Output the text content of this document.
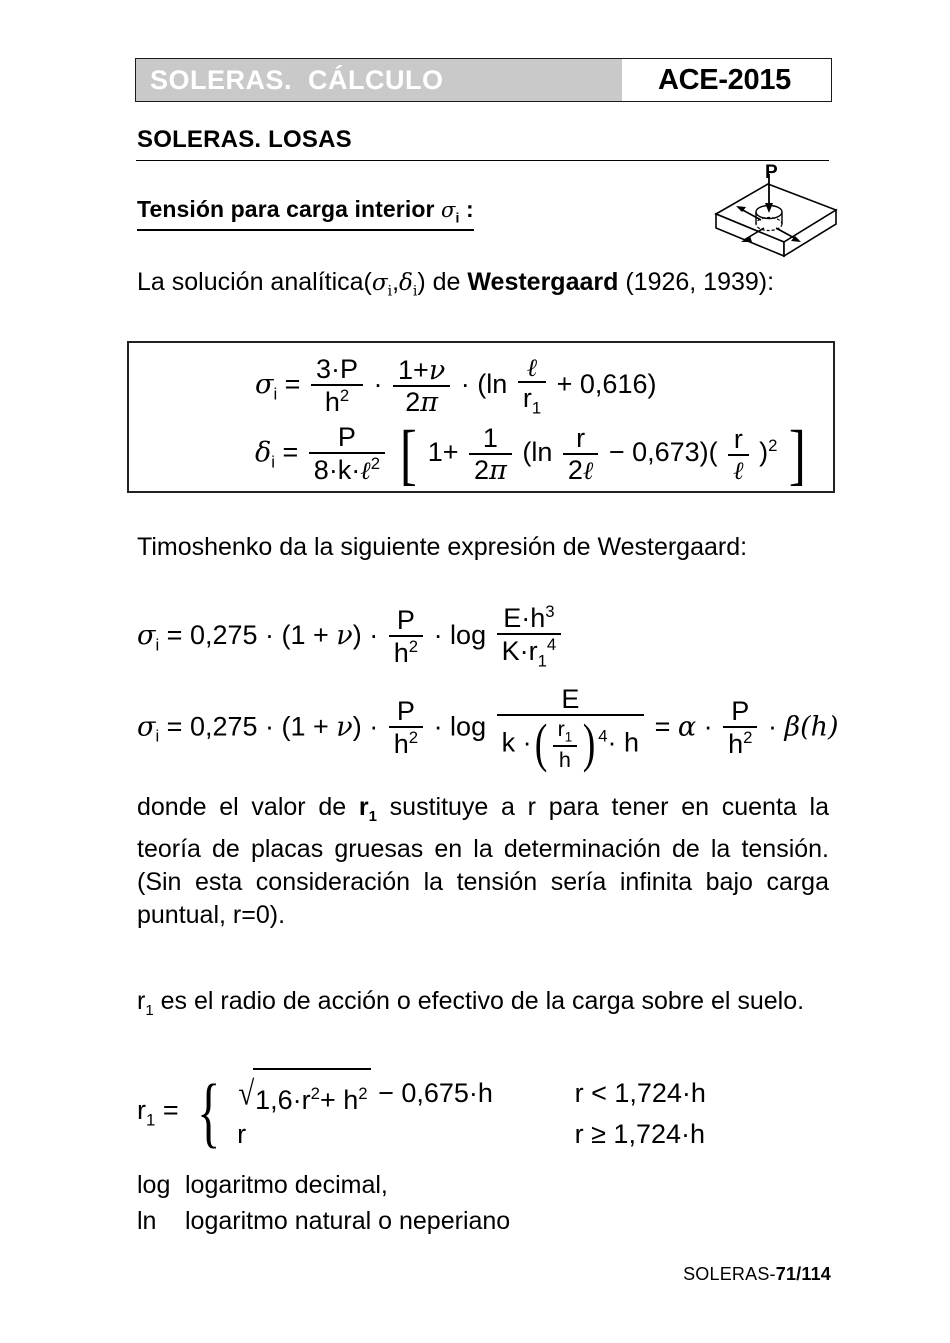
SOLERAS.  CÁLCULO	ACE-2015
SOLERAS. LOSAS
Tensión para carga interior $\sigma_i$ :
P
La solución $analítica(\sigma_i,\delta_i)$ de Westergaard (1926, 1939):
$\sigma_i = \frac{3\cdot P}{h^2} \cdot \frac{1+\nu}{2\pi} \cdot (\ln \frac{\text{ℓ}}{r_1} + 0,616)$
$\delta_i = \frac{P}{8\cdot k\cdot\ell^2}$ [ $1+ \frac{1}{2\pi} (\ln \frac{r}{\text{2ℓ}} - 0,673)( \frac{r}{\text{ℓ}} )^2$ ]
Timoshenko da la siguiente expresión de Westergaard:
$\sigma_i = 0,275 \cdot (1 + \nu) \cdot \frac{P}{h^2} \cdot \log \frac{E\cdot h^3}{K\cdot r_1^4}$
$\sigma_i = 0,275 \cdot (1 + \nu) \cdot \frac{P}{h^2} \cdot \log \frac{E}{k \cdot( \frac{r_1}{h} ) ^4\cdot h} = \alpha \cdot \frac{P}{h^2} \cdot \beta(h)$
donde el valor de $r_1$ sustituye a r para tener en cuenta la teoría de placas gruesas en la determinación de la tensión. (Sin esta consideración la tensión sería infinita bajo carga puntual, r=0).
$r_1$ es el radio de acción o efectivo de la carga sobre el suelo.
$r_1$ = { √ $1,6\cdot r^2+ h^2 - 0,675\cdot h$	r < 1,724·h
r	r ≥ 1,724·h
log logaritmo decimal,
ln logaritmo natural o neperiano
SOLERAS-71/114
